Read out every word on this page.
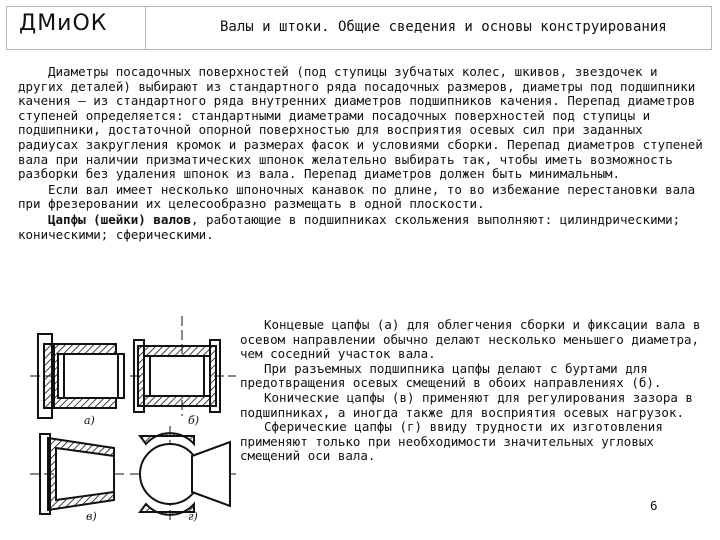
ДМиОК	Валы и штоки. Общие сведения и основы конструирования

Диаметры посадочных поверхностей (под ступицы зубчатых колес, шкивов, звездочек и других деталей) выбирают из стандартного ряда посадочных размеров, диаметры под подшипники качения – из стандартного ряда внутренних диаметров подшипников качения. Перепад диаметров ступеней определяется: стандартными диаметрами посадочных поверхностей под ступицы и подшипники, достаточной опорной поверхностью для восприятия осевых сил при заданных радиусах закругления кромок и размерах фасок и условиями сборки. Перепад диаметров ступеней вала при наличии призматических шпонок желательно выбирать так, чтобы иметь возможность разборки без удаления шпонок из вала. Перепад диаметров должен быть минимальным.

Если вал имеет несколько шпоночных канавок по длине, то во избежание перестановки вала при фрезеровании их целесообразно размещать в одной плоскости.

Цапфы (шейки) валов, работающие в подшипниках скольжения выполняют: цилиндрическими; коническими; сферическими.

а)	б)
в)	г)

Концевые цапфы (а) для облегчения сборки и фиксации вала в осевом направлении обычно делают несколько меньшего диаметра, чем соседний участок вала.

При разъемных подшипника цапфы делают с буртами для предотвращения осевых смещений в обоих направлениях (б).

Конические цапфы (в) применяют для регулирования зазора в подшипниках, а иногда также для восприятия осевых нагрузок.

Сферические цапфы (г) ввиду трудности их изготовления применяют только при необходимости значительных угловых смещений оси вала.

6
